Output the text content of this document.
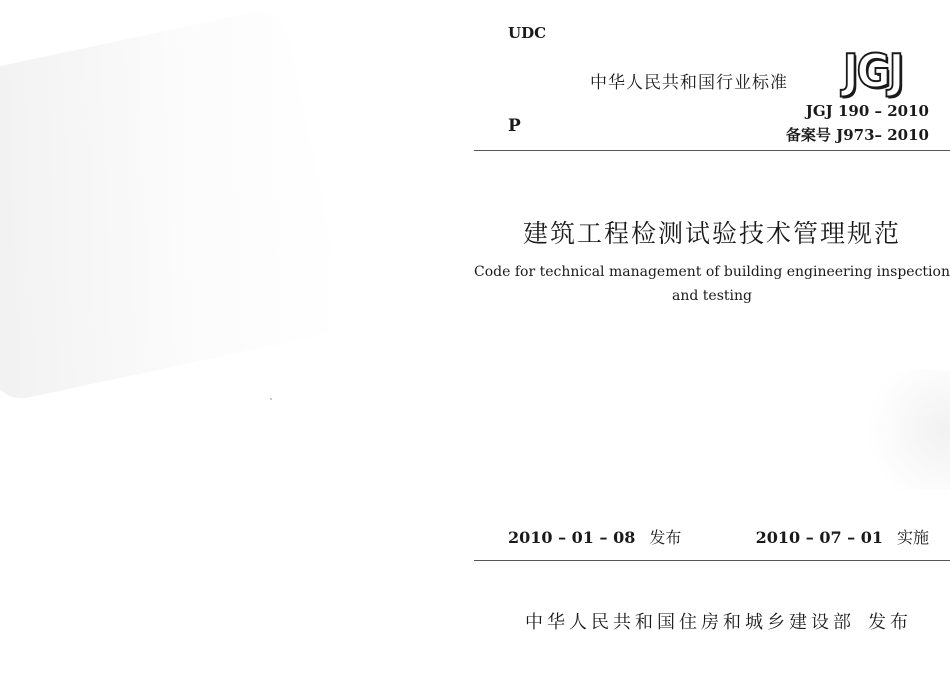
UDC
P
中华人民共和国行业标准 JGJ
JGJ 190 – 2010
备案号 J973– 2010
建筑工程检测试验技术管理规范
Code for technical management of building engineering inspection and testing
2010 – 01 – 08 发布	2010 – 07 – 01 实施
中华人民共和国住房和城乡建设部 发布
